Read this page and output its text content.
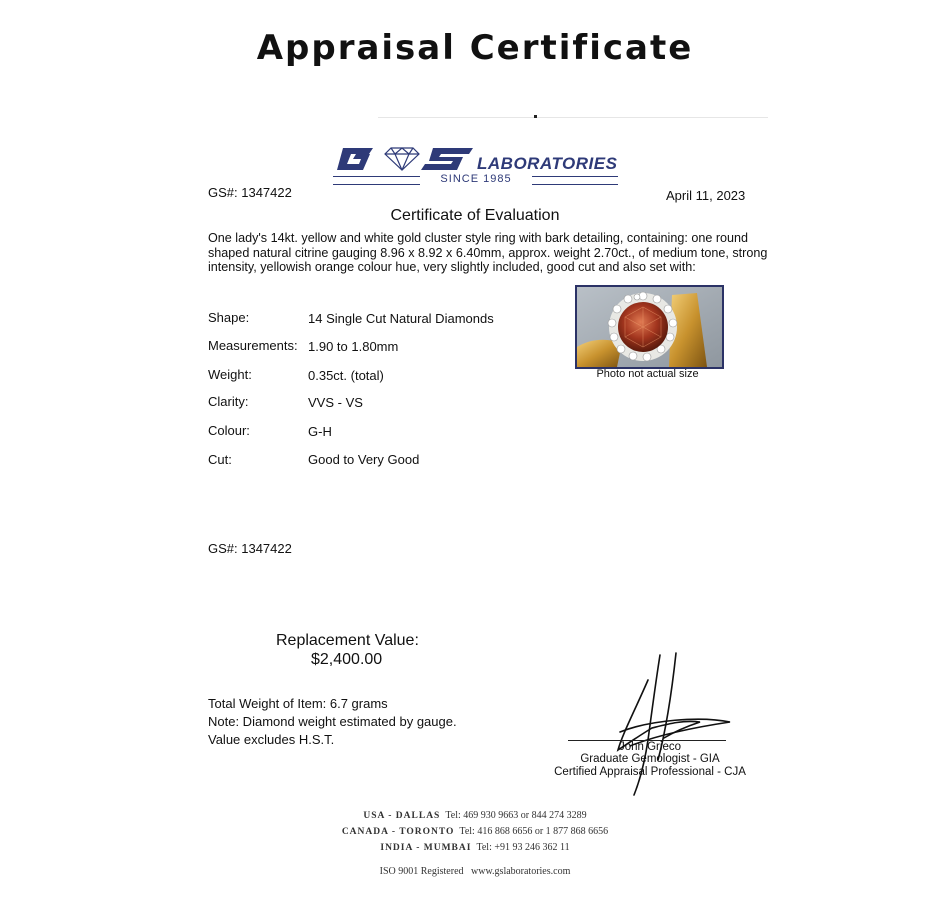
Appraisal Certificate
LABORATORIES
SINCE 1985
GS#: 1347422	April 11, 2023
Certificate of Evaluation
One lady's 14kt. yellow and white gold cluster style ring with bark detailing, containing: one round shaped natural citrine gauging 8.96 x 8.92 x 6.40mm, approx. weight 2.70ct., of medium tone, strong intensity, yellowish orange colour hue, very slightly included, good cut and also set with:
Shape:	14 Single Cut Natural Diamonds
Measurements: 1.90 to 1.80mm
Weight:	0.35ct. (total)
Clarity:	VVS - VS
Colour:	G-H
Cut:	Good to Very Good
Photo not actual size
GS#: 1347422
Replacement Value:
$2,400.00
Total Weight of Item: 6.7 grams
Note: Diamond weight estimated by gauge.
Value excludes H.S.T.	John Grieco
Graduate Gemologist - GIA
Certified Appraisal Professional - CJA
USA - DALLAS Tel: 469 930 9663 or 844 274 3289
CANADA - TORONTO Tel: 416 868 6656 or 1 877 868 6656
INDIA - MUMBAI Tel: +91 93 246 362 11
ISO 9001 Registered www.gslaboratories.com
